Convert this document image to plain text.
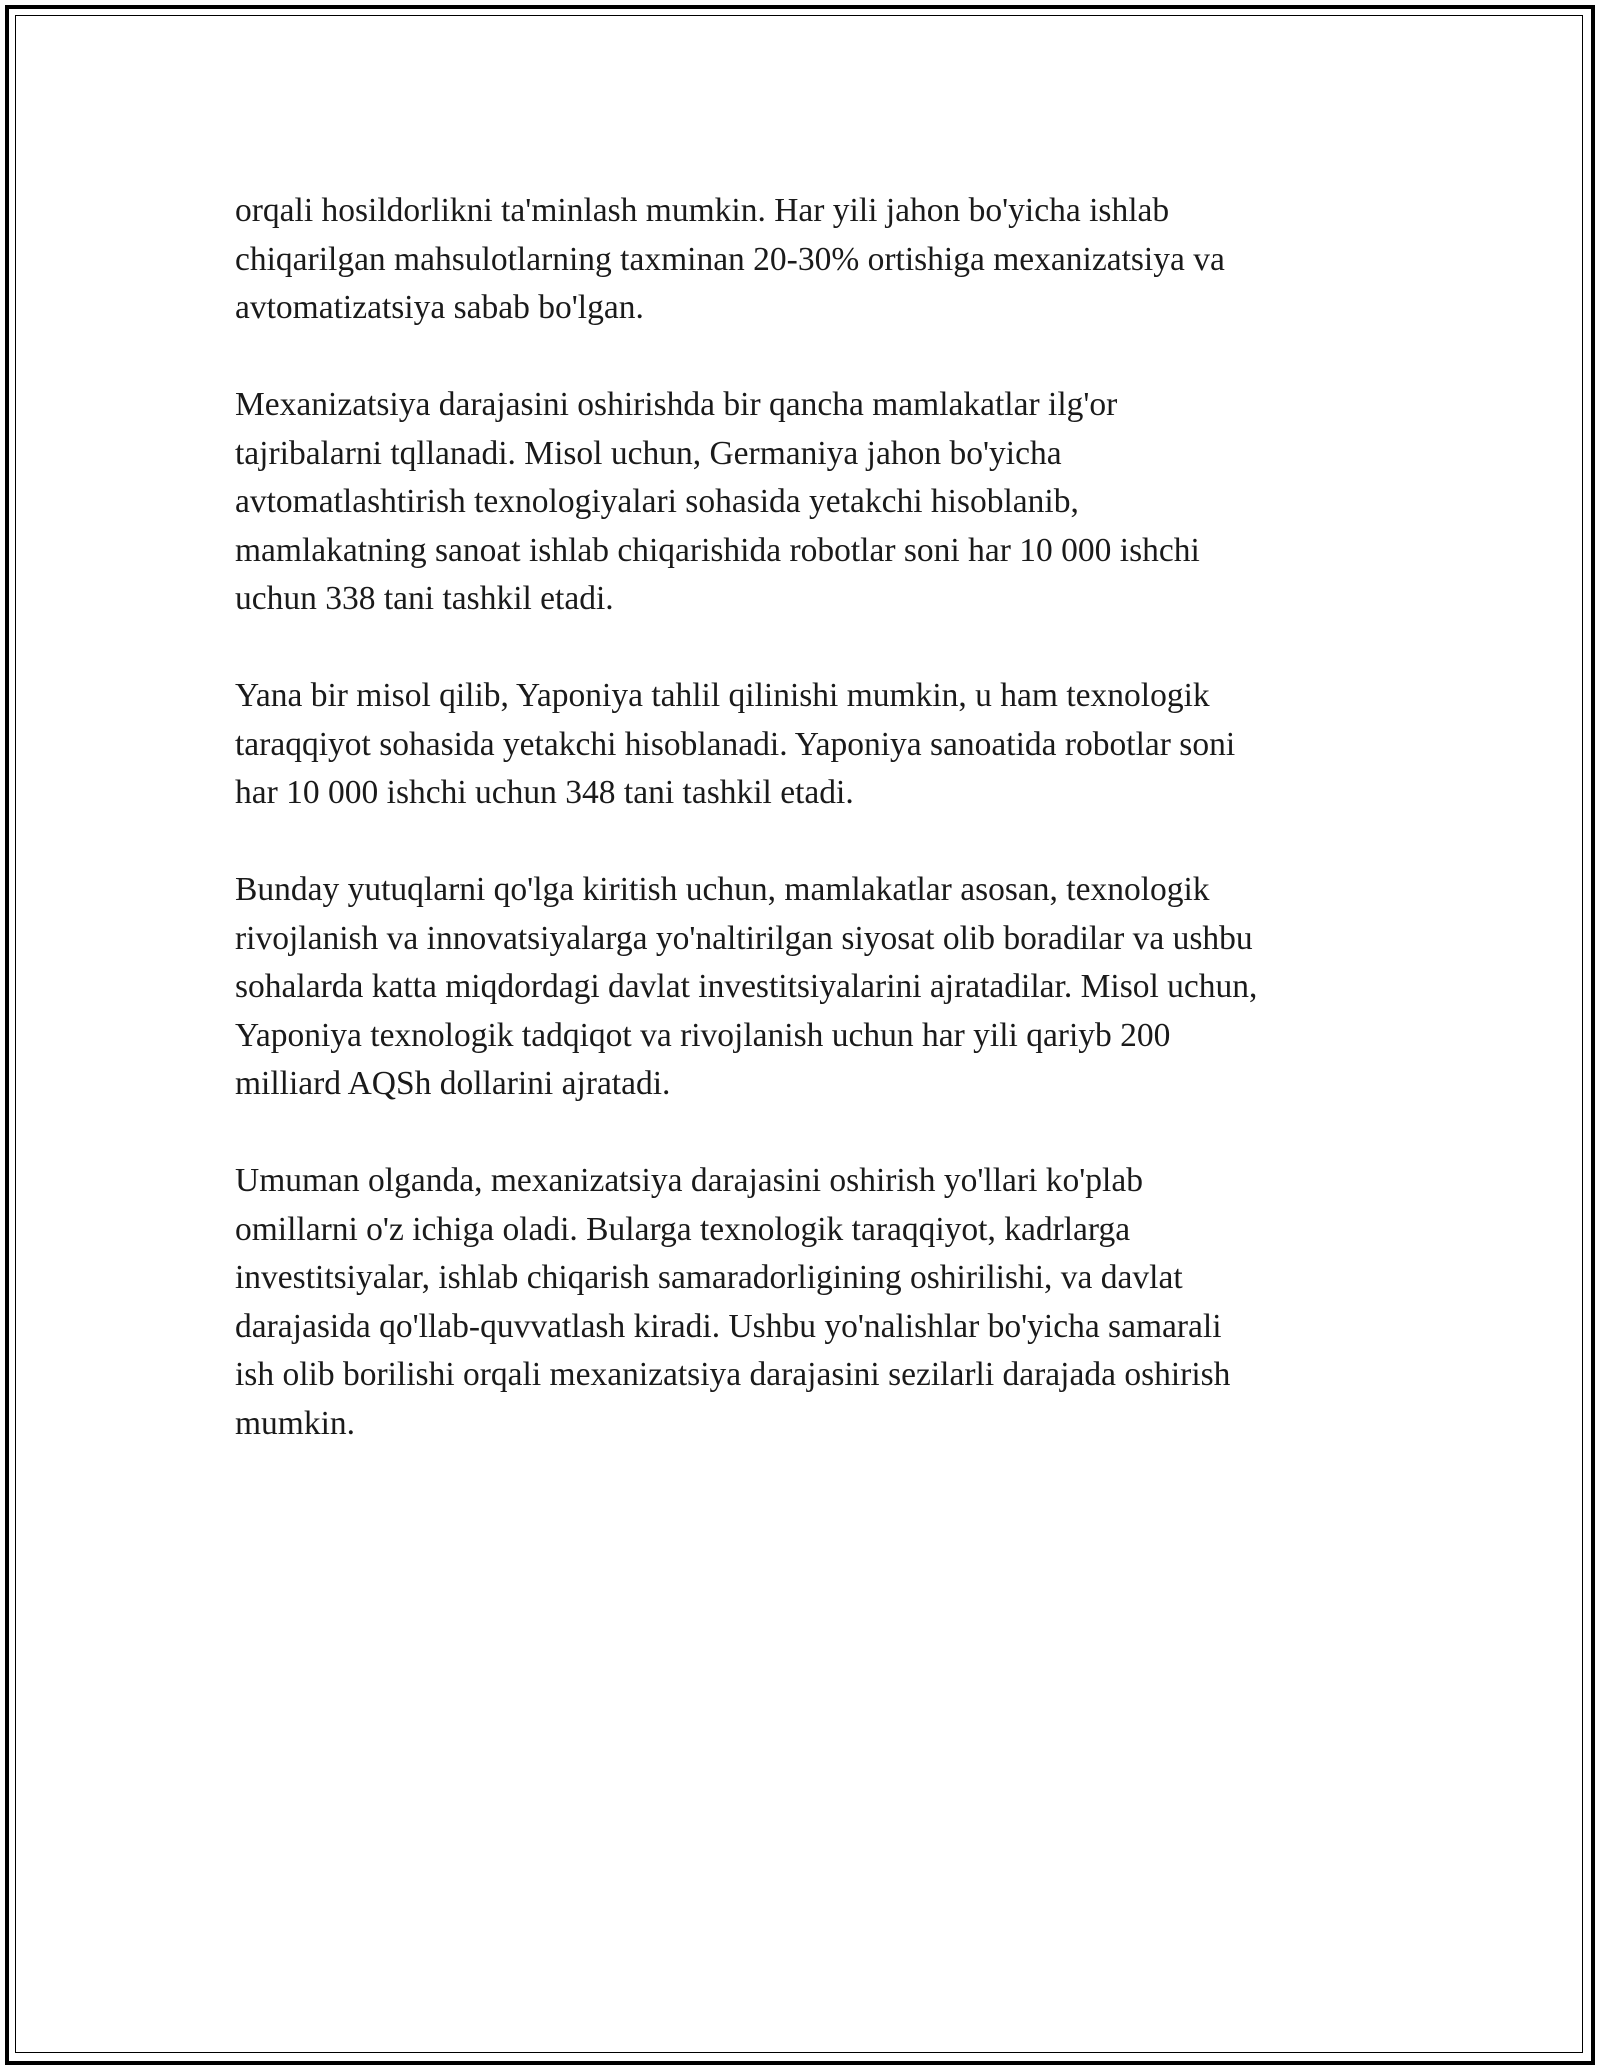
orqali hosildorlikni ta'minlash mumkin. Har yili jahon bo'yicha ishlab
chiqarilgan mahsulotlarning taxminan 20-30% ortishiga mexanizatsiya va
avtomatizatsiya sabab bo'lgan.
Mexanizatsiya darajasini oshirishda bir qancha mamlakatlar ilg'or
tajribalarni tqllanadi. Misol uchun, Germaniya jahon bo'yicha
avtomatlashtirish texnologiyalari sohasida yetakchi hisoblanib,
mamlakatning sanoat ishlab chiqarishida robotlar soni har 10 000 ishchi
uchun 338 tani tashkil etadi.
Yana bir misol qilib, Yaponiya tahlil qilinishi mumkin, u ham texnologik
taraqqiyot sohasida yetakchi hisoblanadi. Yaponiya sanoatida robotlar soni
har 10 000 ishchi uchun 348 tani tashkil etadi.
Bunday yutuqlarni qo'lga kiritish uchun, mamlakatlar asosan, texnologik
rivojlanish va innovatsiyalarga yo'naltirilgan siyosat olib boradilar va ushbu
sohalarda katta miqdordagi davlat investitsiyalarini ajratadilar. Misol uchun,
Yaponiya texnologik tadqiqot va rivojlanish uchun har yili qariyb 200
milliard AQSh dollarini ajratadi.
Umuman olganda, mexanizatsiya darajasini oshirish yo'llari ko'plab
omillarni o'z ichiga oladi. Bularga texnologik taraqqiyot, kadrlarga
investitsiyalar, ishlab chiqarish samaradorligining oshirilishi, va davlat
darajasida qo'llab-quvvatlash kiradi. Ushbu yo'nalishlar bo'yicha samarali
ish olib borilishi orqali mexanizatsiya darajasini sezilarli darajada oshirish
mumkin.
